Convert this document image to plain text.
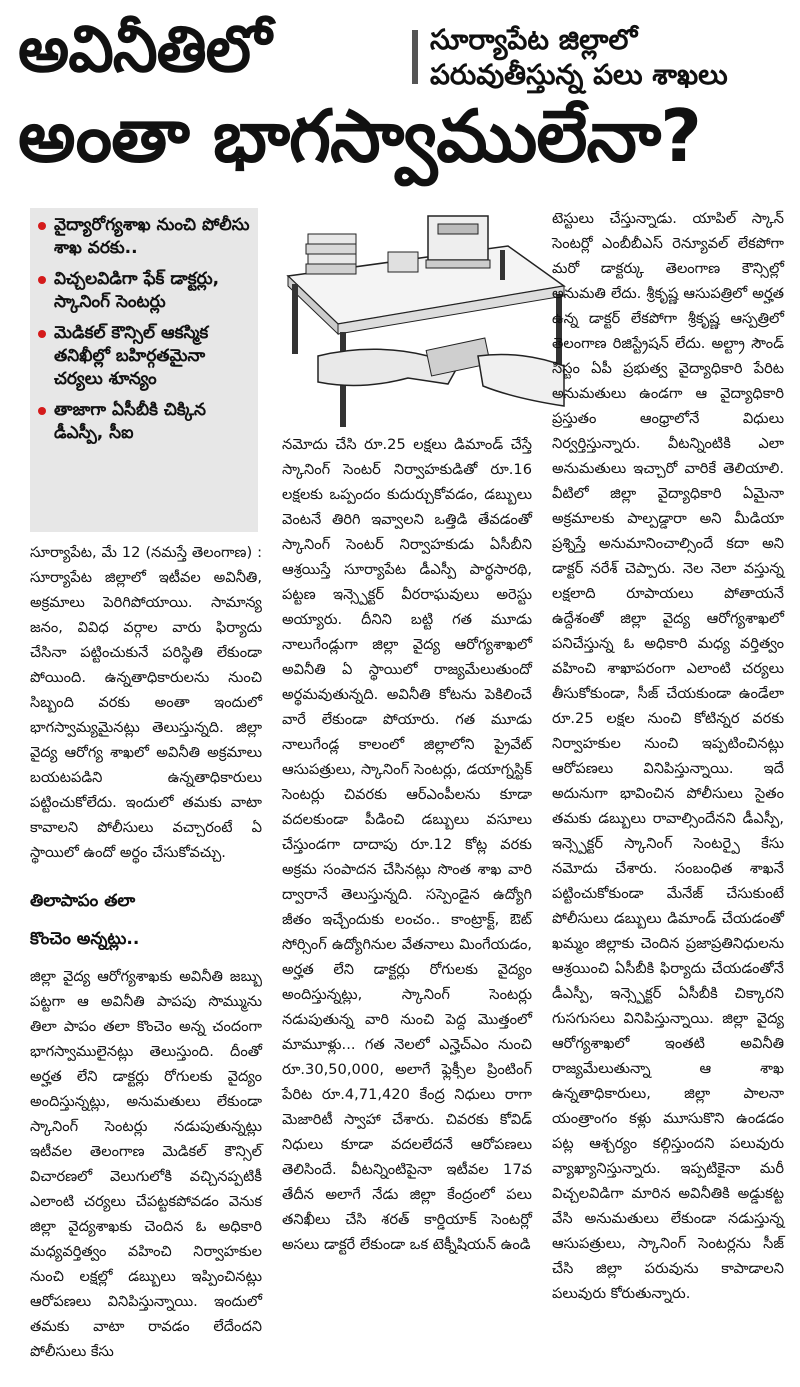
అవినీతిలో
అంతా భాగస్వాములేనా?
సూర్యాపేట జిల్లాలో
పరువుతీస్తున్న పలు శాఖలు
వైద్యారోగ్యశాఖ నుంచి పోలీసు శాఖ వరకు..
విచ్చలవిడిగా ఫేక్ డాక్టర్లు, స్కానింగ్ సెంటర్లు
మెడికల్ కౌన్సిల్ ఆకస్మిక తనిఖీల్లో బహిర్గతమైనా చర్యలు శూన్యం
తాజాగా ఏసీబీకి చిక్కిన డీఎస్పీ, సీఐ
సూర్యాపేట, మే 12 (నమస్తే తెలంగాణ) : సూర్యాపేట జిల్లాలో ఇటీవల అవినీతి, అక్రమాలు పెరిగిపోయాయి. సామాన్య జనం, వివిధ వర్గాల వారు ఫిర్యాదు చేసినా పట్టించుకునే పరిస్థితి లేకుండా పోయింది. ఉన్నతాధికారులను నుంచి సిబ్బంది వరకు అంతా ఇందులో భాగస్వామ్యమైనట్లు తెలుస్తున్నది. జిల్లా వైద్య ఆరోగ్య శాఖలో అవినీతి అక్రమాలు బయటపడిని ఉన్నతాధికారులు పట్టించుకోలేదు. ఇందులో తమకు వాటా కావాలని పోలీసులు వచ్చారంటే ఏ స్థాయిలో ఉందో అర్థం చేసుకోవచ్చు.
తిలాపాపం తలా
కొంచెం అన్నట్లు..
జిల్లా వైద్య ఆరోగ్యశాఖకు అవినీతి జబ్బు పట్టగా ఆ అవినీతి పాపపు సొమ్మును తిలా పాపం తలా కొంచెం అన్న చందంగా భాగస్వాములైనట్లు తెలుస్తుంది. దీంతో అర్హత లేని డాక్టర్లు రోగులకు వైద్యం అందిస్తున్నట్లు, అనుమతులు లేకుండా స్కానింగ్ సెంటర్లు నడుపుతున్నట్లు ఇటీవల తెలంగాణ మెడికల్ కౌన్సిల్ విచారణలో వెలుగులోకి వచ్చినప్పటికీ ఎలాంటి చర్యలు చేపట్టకపోవడం వెనుక జిల్లా వైద్యశాఖకు చెందిన ఓ అధికారి మధ్యవర్తిత్వం వహించి నిర్వాహకుల నుంచి లక్షల్లో డబ్బులు ఇప్పించినట్లు ఆరోపణలు వినిపిస్తున్నాయి. ఇందులో తమకు వాటా రావడం లేదేందని పోలీసులు కేసు
నమోదు చేసి రూ.25 లక్షలు డిమాండ్ చేస్తే స్కానింగ్ సెంటర్ నిర్వాహకుడితో రూ.16 లక్షలకు ఒప్పందం కుదుర్చుకోవడం, డబ్బులు వెంటనే తిరిగి ఇవ్వాలని ఒత్తిడి తేవడంతో స్కానింగ్ సెంటర్ నిర్వాహకుడు ఏసీబీని ఆశ్రయిస్తే సూర్యాపేట డీఎస్పీ పార్థసారథి, పట్టణ ఇన్స్పెక్టర్ వీరరాఘవులు అరెస్టు అయ్యారు. దీనిని బట్టి గత మూడు నాలుగేండ్లుగా జిల్లా వైద్య ఆరోగ్యశాఖలో అవినీతి ఏ స్థాయిలో రాజ్యమేలుతుందో అర్థమవుతున్నది. అవినీతి కోటను పెకిలించే వారే లేకుండా పోయారు. గత మూడు నాలుగేండ్ల కాలంలో జిల్లాలోని ప్రైవేట్ ఆసుపత్రులు, స్కానింగ్ సెంటర్లు, డయాగ్నస్టిక్ సెంటర్లు చివరకు ఆర్ఎంపీలను కూడా వదలకుండా పీడించి డబ్బులు వసూలు చేస్తుండగా దాదాపు రూ.12 కోట్ల వరకు అక్రమ సంపాదన చేసినట్లు సొంత శాఖ వారి ద్వారానే తెలుస్తున్నది. సస్పెండైన ఉద్యోగి జీతం ఇచ్చేందుకు లంచం.. కాంట్రాక్ట్, ఔట్ సోర్సింగ్ ఉద్యోగినుల వేతనాలు మింగేయడం, అర్హత లేని డాక్టర్లు రోగులకు వైద్యం అందిస్తున్నట్లు, స్కానింగ్ సెంటర్లు నడుపుతున్న వారి నుంచి పెద్ద మొత్తంలో మామూళ్లు... గత నెలలో ఎన్హెచ్ఎం నుంచి రూ.30,50,000, అలాగే ఫ్లెక్సీల ప్రింటింగ్ పేరిట రూ.4,71,420 కేంద్ర నిధులు రాగా మెజారిటీ స్వాహా చేశారు. చివరకు కోవిడ్ నిధులు కూడా వదలలేదనే ఆరోపణలు తెలిసిందే. వీటన్నింటిపైనా ఇటీవల 17వ తేదీన అలాగే నేడు జిల్లా కేంద్రంలో పలు తనిఖీలు చేసి శరత్ కార్డియాక్ సెంటర్లో అసలు డాక్టరే లేకుండా ఒక టెక్నీషియన్ ఉండి
టెస్టులు చేస్తున్నాడు. యాపిల్ స్కాన్ సెంటర్లో ఎంబీబీఎస్ రెన్యూవల్ లేకపోగా మరో డాక్టర్కు తెలంగాణ కౌన్సిల్లో అనుమతి లేదు. శ్రీకృష్ణ ఆసుపత్రిలో అర్హత ఉన్న డాక్టర్ లేకపోగా శ్రీకృష్ణ ఆస్పత్రిలో తెలంగాణ రిజిస్ట్రేషన్ లేదు. అల్ట్రా సౌండ్ సిస్టం ఏపీ ప్రభుత్వ వైద్యాధికారి పేరిట అనుమతులు ఉండగా ఆ వైద్యాధికారి ప్రస్తుతం ఆంధ్రాలోనే విధులు నిర్వర్తిస్తున్నారు. వీటన్నింటికి ఎలా అనుమతులు ఇచ్చారో వారికే తెలియాలి. వీటిలో జిల్లా వైద్యాధికారి ఏమైనా అక్రమాలకు పాల్పడ్డారా అని మీడియా ప్రశ్నిస్తే అనుమానించాల్సిందే కదా అని డాక్టర్ నరేశ్ చెప్పారు. నెల నెలా వస్తున్న లక్షలాది రూపాయలు పోతాయనే ఉద్దేశంతో జిల్లా వైద్య ఆరోగ్యశాఖలో పనిచేస్తున్న ఓ అధికారి మధ్య వర్తిత్వం వహించి శాఖాపరంగా ఎలాంటి చర్యలు తీసుకోకుండా, సీజ్ చేయకుండా ఉండేలా రూ.25 లక్షల నుంచి కోటిన్నర వరకు నిర్వాహకుల నుంచి ఇప్పటించినట్లు ఆరోపణలు వినిపిస్తున్నాయి. ఇదే అదునుగా భావించిన పోలీసులు సైతం తమకు డబ్బులు రావాల్సిందేనని డీఎస్పీ, ఇన్స్పెక్టర్ స్కానింగ్ సెంటర్పై కేసు నమోదు చేశారు. సంబంధిత శాఖనే పట్టించుకోకుండా మేనేజ్ చేసుకుంటే పోలీసులు డబ్బులు డిమాండ్ చేయడంతో ఖమ్మం జిల్లాకు చెందిన ప్రజాప్రతినిధులను ఆశ్రయించి ఏసీబీకి ఫిర్యాదు చేయడంతోనే డీఎస్పీ, ఇన్స్పెక్టర్ ఏసీబీకి చిక్కారని గుసగుసలు వినిపిస్తున్నాయి. జిల్లా వైద్య ఆరోగ్యశాఖలో ఇంతటి అవినీతి రాజ్యమేలుతున్నా ఆ శాఖ ఉన్నతాధికారులు, జిల్లా పాలనా యంత్రాంగం కళ్లు మూసుకొని ఉండడం పట్ల ఆశ్చర్యం కల్గిస్తుందని పలువురు వ్యాఖ్యానిస్తున్నారు. ఇప్పటికైనా మరీ విచ్చలవిడిగా మారిన అవినీతికి అడ్డుకట్ట వేసి అనుమతులు లేకుండా నడుస్తున్న ఆసుపత్రులు, స్కానింగ్ సెంటర్లను సీజ్ చేసి జిల్లా పరువును కాపాడాలని పలువురు కోరుతున్నారు.
